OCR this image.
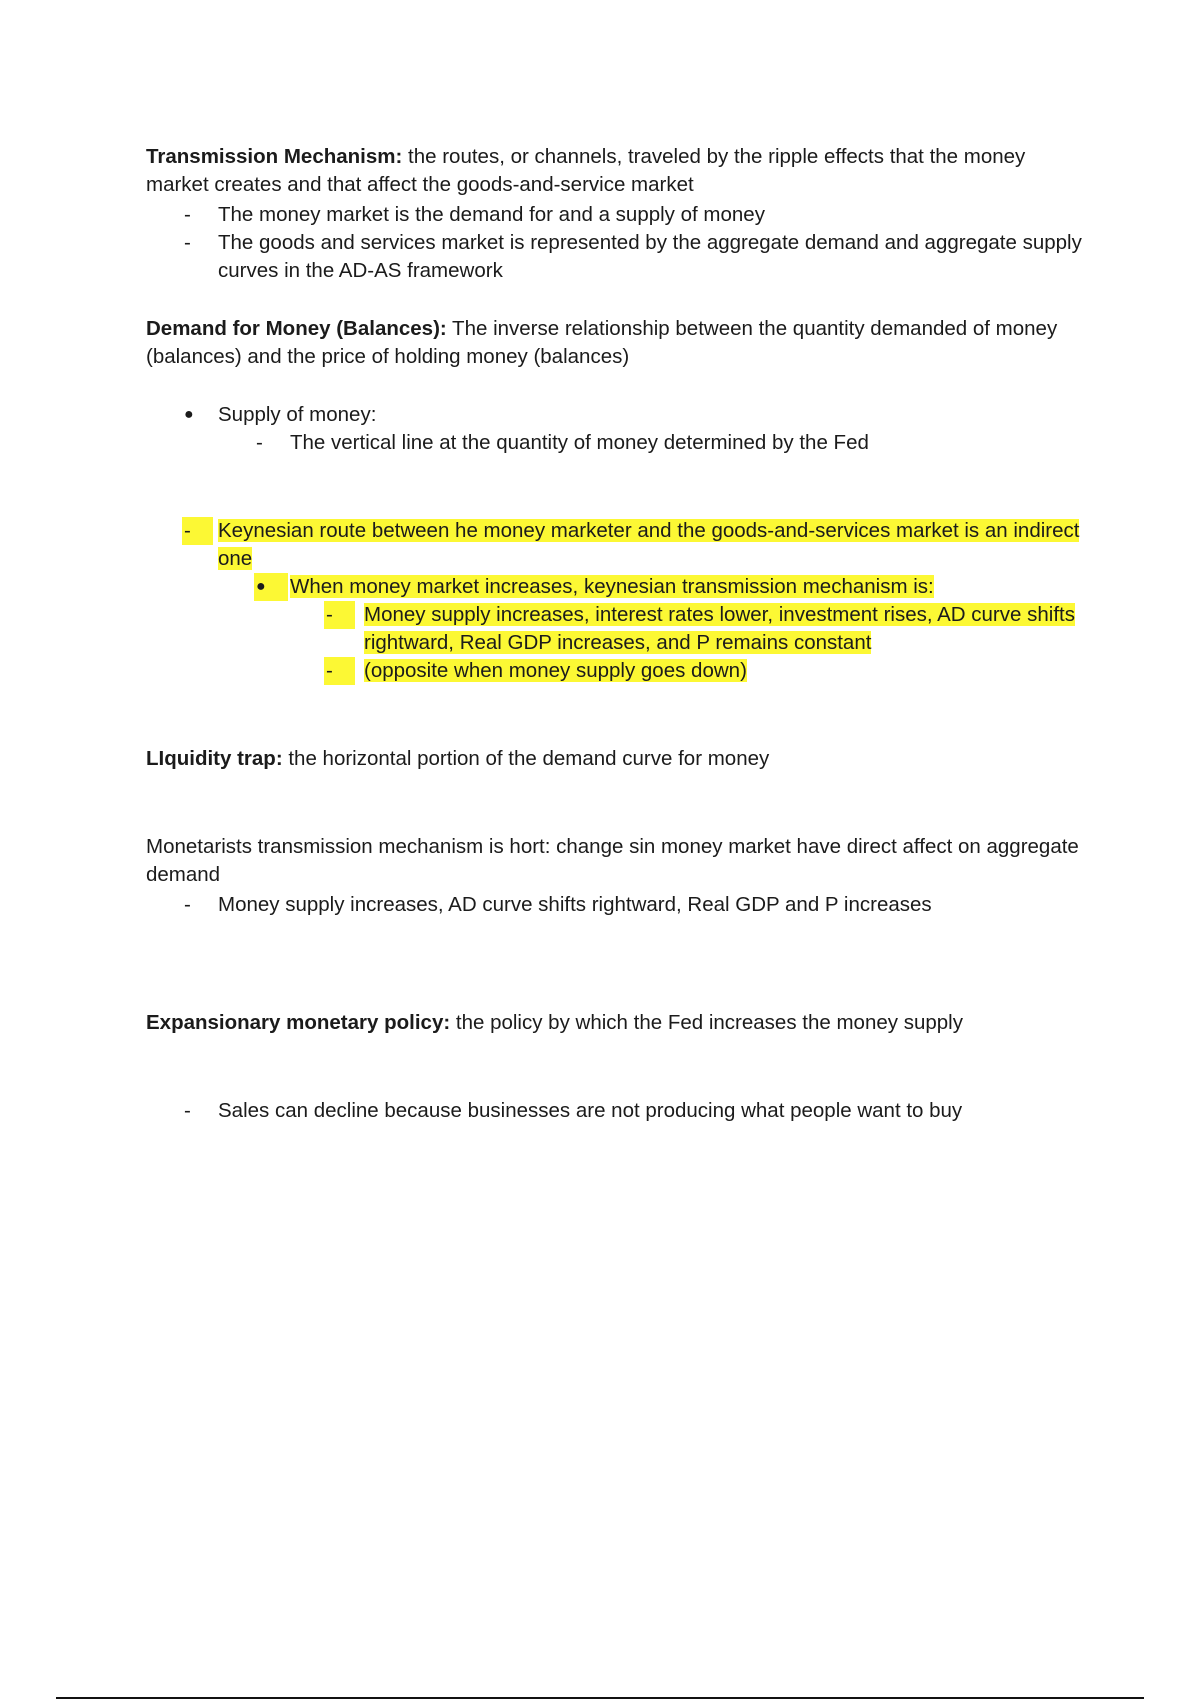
Transmission Mechanism: the routes, or channels, traveled by the ripple effects that the money market creates and that affect the goods-and-service market

- The money market is the demand for and a supply of money
- The goods and services market is represented by the aggregate demand and aggregate supply curves in the AD-AS framework

Demand for Money (Balances): The inverse relationship between the quantity demanded of money (balances) and the price of holding money (balances)

● Supply of money:
- The vertical line at the quantity of money determined by the Fed
-	Keynesian route between he money marketer and the goods-and-services market is an indirect one
●	When money market increases, keynesian transmission mechanism is:
-	Money supply increases, interest rates lower, investment rises, AD curve shifts rightward, Real GDP increases, and P remains constant
-	(opposite when money supply goes down)

LIquidity trap: the horizontal portion of the demand curve for money

Monetarists transmission mechanism is hort: change sin money market have direct affect on aggregate demand

- Money supply increases, AD curve shifts rightward, Real GDP and P increases

Expansionary monetary policy: the policy by which the Fed increases the money supply

- Sales can decline because businesses are not producing what people want to buy
